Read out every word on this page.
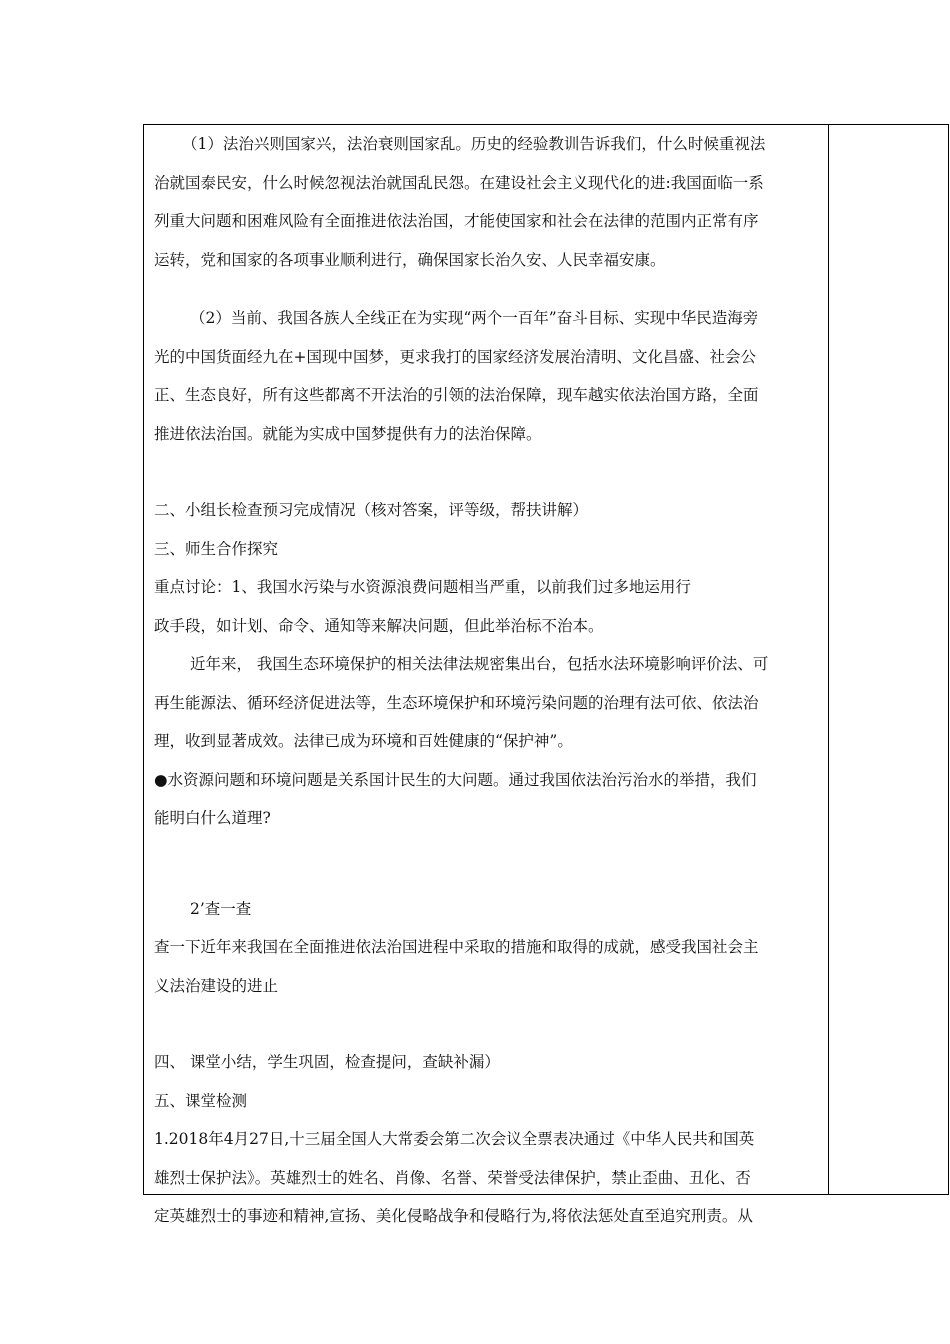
（1）法治兴则国家兴，法治衰则国家乱。历史的经验教训告诉我们，什么时候重视法
治就国泰民安，什么时候忽视法治就国乱民怨。在建设社会主义现代化的进:我国面临一系
列重大问题和困难风险有全面推进依法治国，才能使国家和社会在法律的范围内正常有序
运转，党和国家的各项事业顺利进行，确保国家长治久安、人民幸福安康。
（2）当前、我国各族人全线正在为实现“两个一百年”奋斗目标、实现中华民造海旁
光的中国货面经九在+国现中国梦，更求我打的国家经济发展治清明、文化昌盛、社会公
正、生态良好，所有这些都离不开法治的引领的法治保障，现车越实依法治国方路，全面
推进依法治国。就能为实成中国梦提供有力的法治保障。
二、小组长检查预习完成情况（核对答案，评等级，帮扶讲解）
三、师生合作探究
重点讨论：1、我国水污染与水资源浪费问题相当严重，以前我们过多地运用行
政手段，如计划、命令、通知等来解决问题，但此举治标不治本。
近年来， 我国生态环境保护的相关法律法规密集出台，包括水法环境影响评价法、可
再生能源法、循环经济促进法等，生态环境保护和环境污染问题的治理有法可依、依法治
理，收到显著成效。法律已成为环境和百姓健康的“保护神”。
●水资源问题和环境问题是关系国计民生的大问题。通过我国依法治污治水的举措，我们
能明白什么道理?
2’查一查
查一下近年来我国在全面推进依法治国进程中采取的措施和取得的成就，感受我国社会主
义法治建设的进止
四、 课堂小结，学生巩固，检查提问，查缺补漏）
五、课堂检测
1.2018年4月27日,十三届全国人大常委会第二次会议全票表决通过《中华人民共和国英
雄烈士保护法》。英雄烈士的姓名、肖像、名誉、荣誉受法律保护，禁止歪曲、丑化、否
定英雄烈士的事迹和精神,宣扬、美化侵略战争和侵略行为,将依法惩处直至追究刑责。从
